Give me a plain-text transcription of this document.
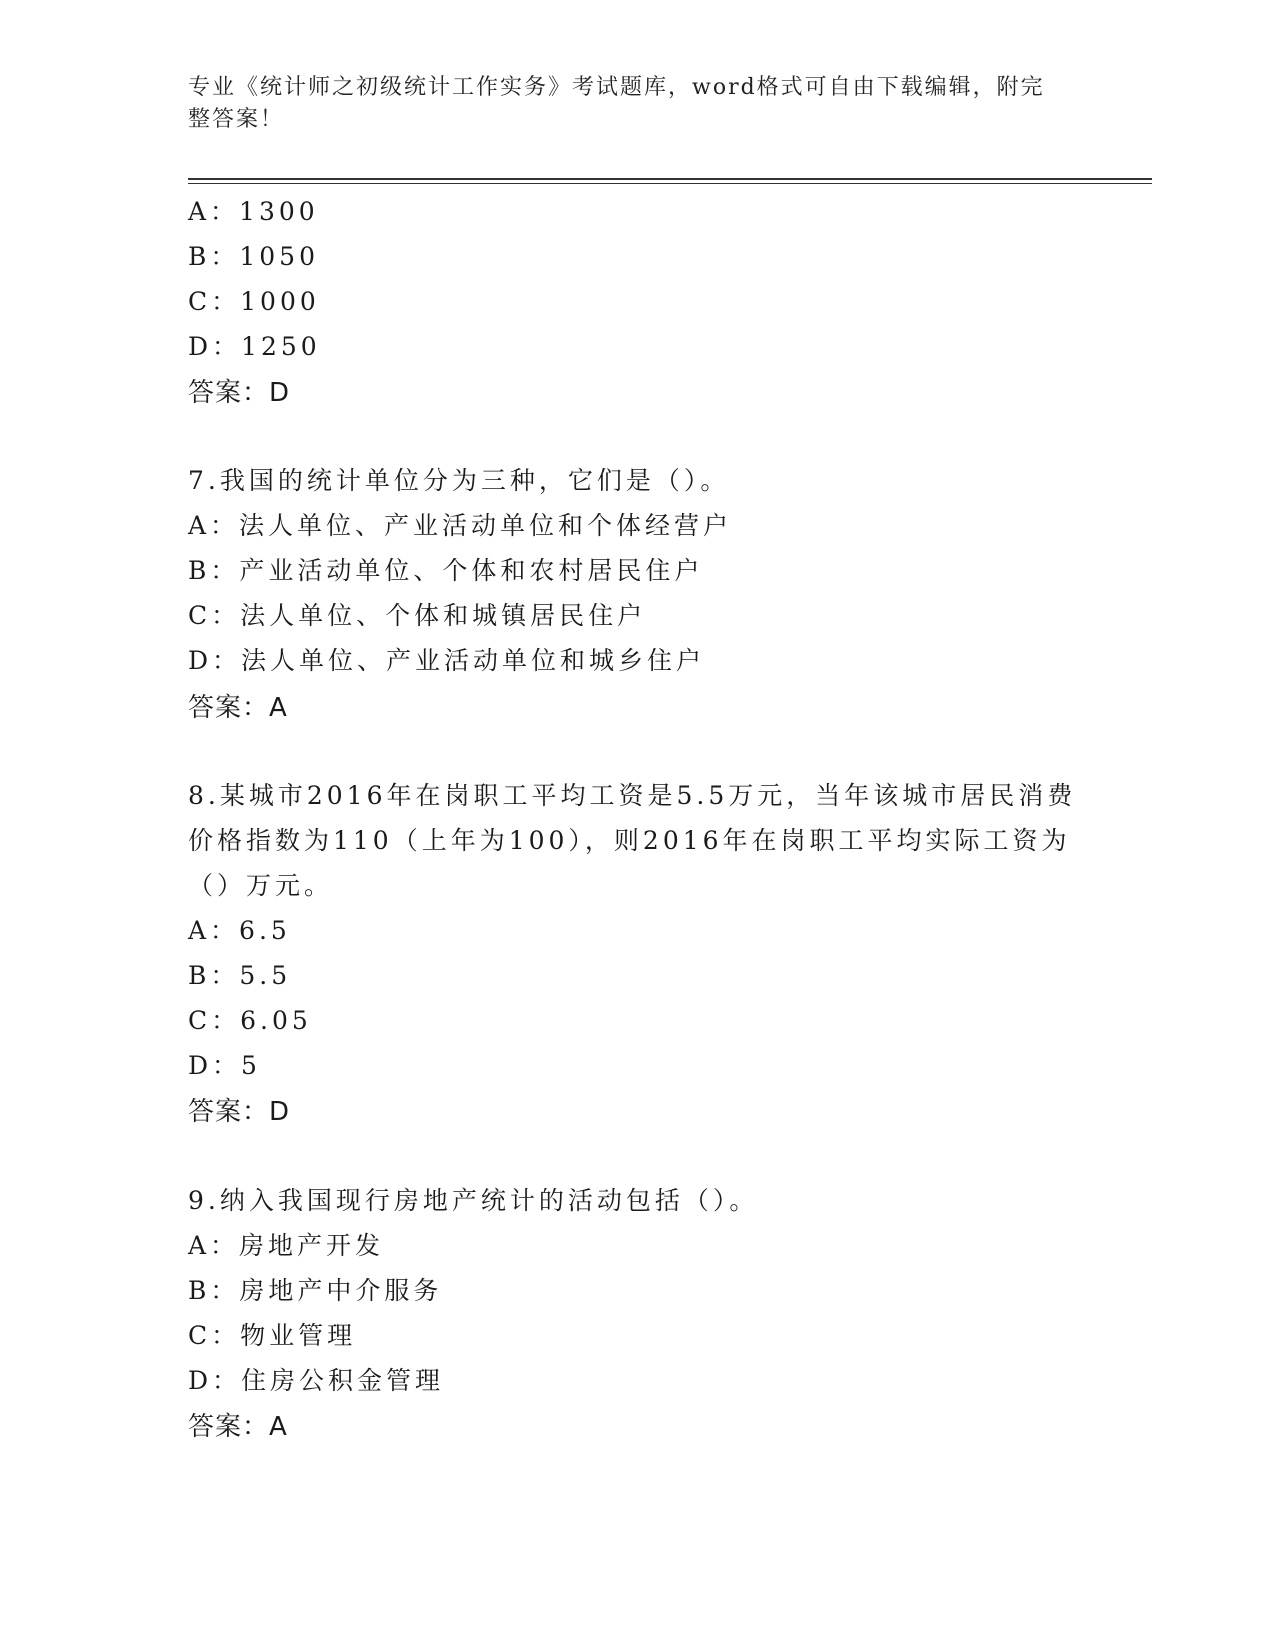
专业《统计师之初级统计工作实务》考试题库，word格式可自由下载编辑，附完整答案！
A：1300
B：1050
C：1000
D：1250
答案：D
7.我国的统计单位分为三种，它们是（）。
A：法人单位、产业活动单位和个体经营户
B：产业活动单位、个体和农村居民住户
C：法人单位、个体和城镇居民住户
D：法人单位、产业活动单位和城乡住户
答案：A
8.某城市2016年在岗职工平均工资是5.5万元，当年该城市居民消费
价格指数为110（上年为100），则2016年在岗职工平均实际工资为
（）万元。
A：6.5
B：5.5
C：6.05
D：5
答案：D
9.纳入我国现行房地产统计的活动包括（）。
A：房地产开发
B：房地产中介服务
C：物业管理
D：住房公积金管理
答案：A
